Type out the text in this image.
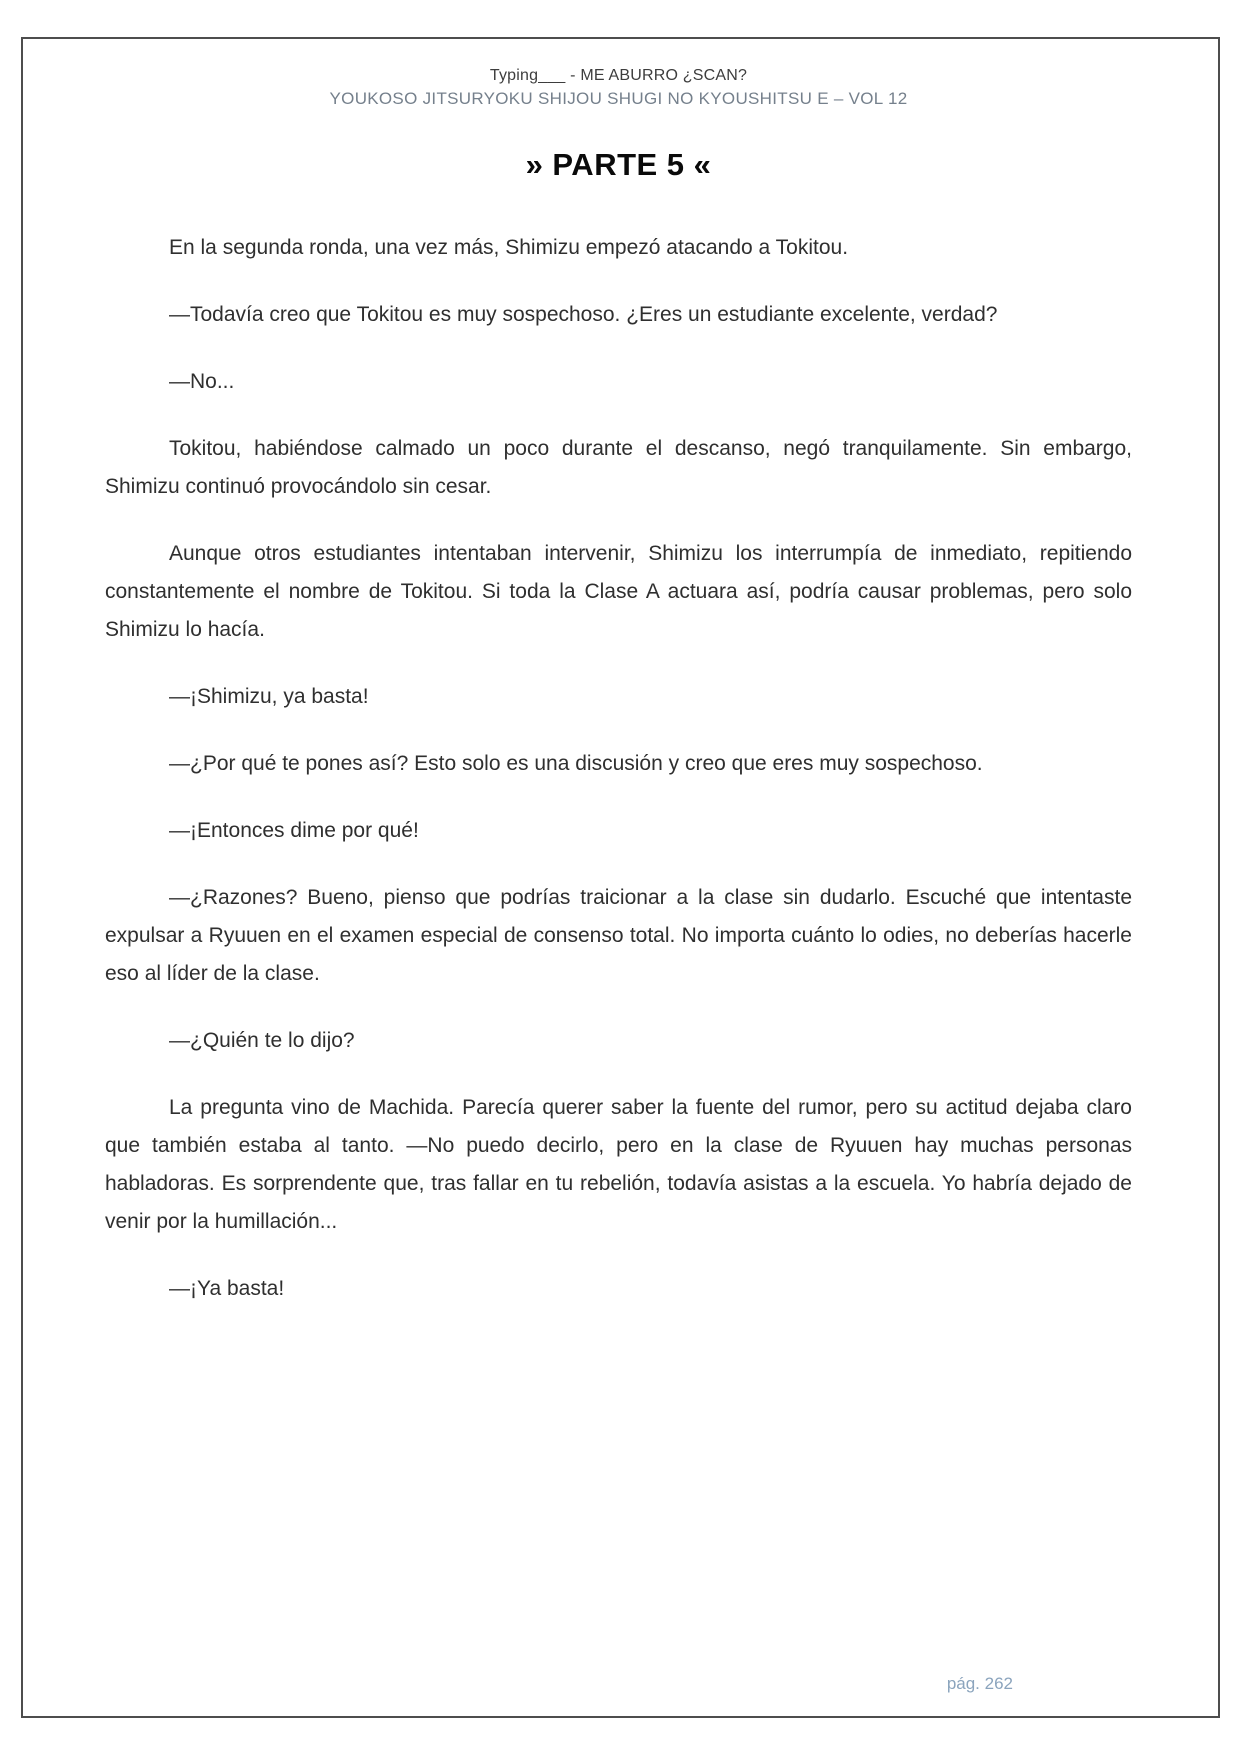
Typing___ - ME ABURRO ¿SCAN?
YOUKOSO JITSURYOKU SHIJOU SHUGI NO KYOUSHITSU E – VOL 12
» PARTE 5 «

En la segunda ronda, una vez más, Shimizu empezó atacando a Tokitou.

—Todavía creo que Tokitou es muy sospechoso. ¿Eres un estudiante excelente, verdad?

—No...

Tokitou, habiéndose calmado un poco durante el descanso, negó tranquilamente. Sin embargo, Shimizu continuó provocándolo sin cesar.

Aunque otros estudiantes intentaban intervenir, Shimizu los interrumpía de inmediato, repitiendo constantemente el nombre de Tokitou. Si toda la Clase A actuara así, podría causar problemas, pero solo Shimizu lo hacía.

—¡Shimizu, ya basta!

—¿Por qué te pones así? Esto solo es una discusión y creo que eres muy sospechoso.

—¡Entonces dime por qué!

—¿Razones? Bueno, pienso que podrías traicionar a la clase sin dudarlo. Escuché que intentaste expulsar a Ryuuen en el examen especial de consenso total. No importa cuánto lo odies, no deberías hacerle eso al líder de la clase.

—¿Quién te lo dijo?

La pregunta vino de Machida. Parecía querer saber la fuente del rumor, pero su actitud dejaba claro que también estaba al tanto. —No puedo decirlo, pero en la clase de Ryuuen hay muchas personas habladoras. Es sorprendente que, tras fallar en tu rebelión, todavía asistas a la escuela. Yo habría dejado de venir por la humillación...

—¡Ya basta!

pág. 262
